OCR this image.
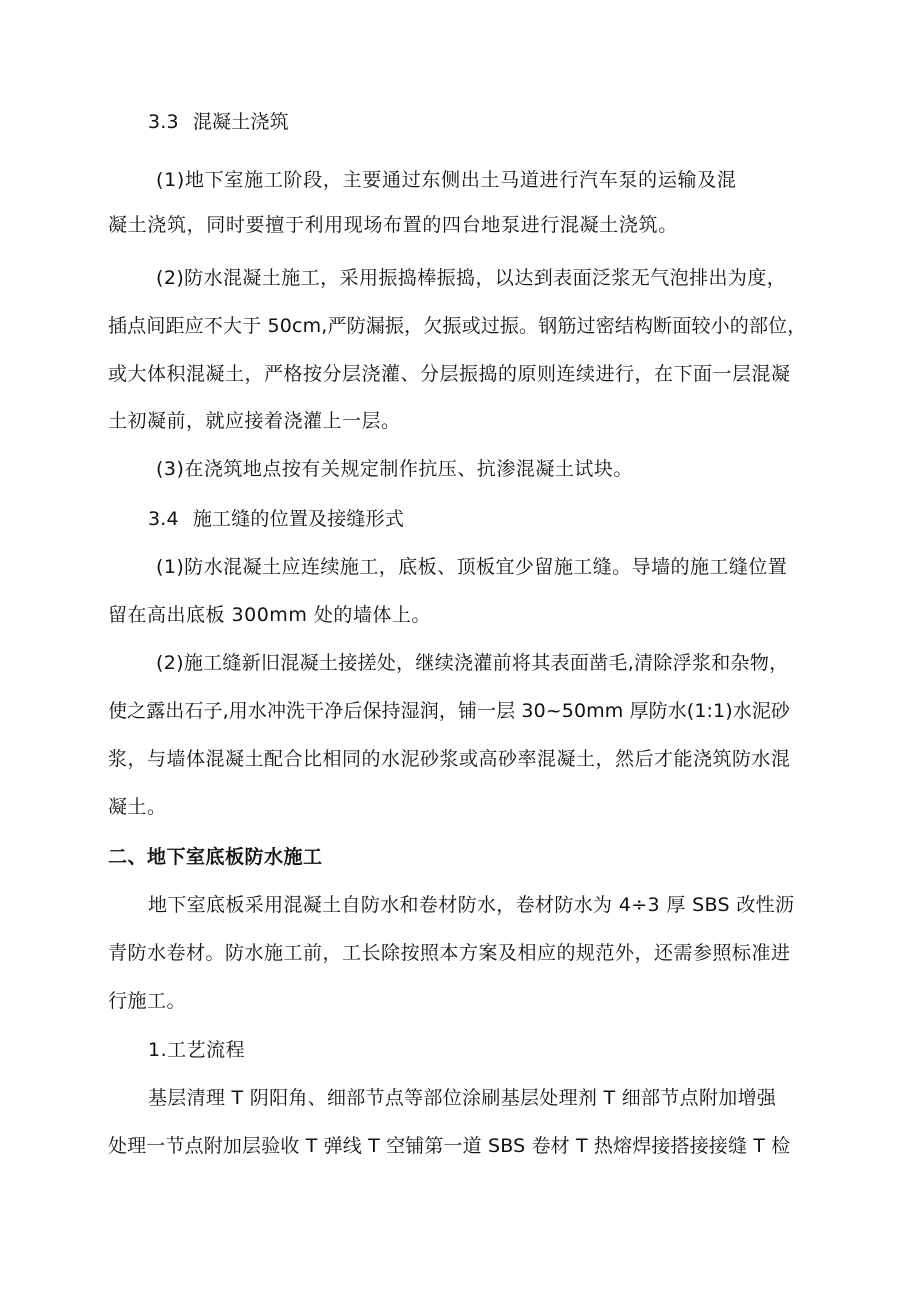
3.3 混凝土浇筑
(1)地下室施工阶段，主要通过东侧出土马道进行汽车泵的运输及混
凝土浇筑，同时要擅于利用现场布置的四台地泵进行混凝土浇筑。
(2)防水混凝土施工，采用振捣棒振捣，以达到表面泛浆无气泡排出为度，
插点间距应不大于 50cm,严防漏振，欠振或过振。钢筋过密结构断面较小的部位，
或大体积混凝土，严格按分层浇灌、分层振捣的原则连续进行，在下面一层混凝
土初凝前，就应接着浇灌上一层。
(3)在浇筑地点按有关规定制作抗压、抗渗混凝土试块。
3.4 施工缝的位置及接缝形式
(1)防水混凝土应连续施工，底板、顶板宜少留施工缝。导墙的施工缝位置
留在高出底板 300mm 处的墙体上。
(2)施工缝新旧混凝土接搓处，继续浇灌前将其表面凿毛,清除浮浆和杂物，
使之露出石子,用水冲洗干净后保持湿润，铺一层 30~50mm 厚防水(1:1)水泥砂
浆，与墙体混凝土配合比相同的水泥砂浆或高砂率混凝土，然后才能浇筑防水混
凝土。
二、地下室底板防水施工
地下室底板采用混凝土自防水和卷材防水，卷材防水为 4÷3 厚 SBS 改性沥
青防水卷材。防水施工前，工长除按照本方案及相应的规范外，还需参照标准进
行施工。
1.工艺流程
基层清理 T 阴阳角、细部节点等部位涂刷基层处理剂 T 细部节点附加增强
处理一节点附加层验收 T 弹线 T 空铺第一道 SBS 卷材 T 热熔焊接搭接接缝 T 检
